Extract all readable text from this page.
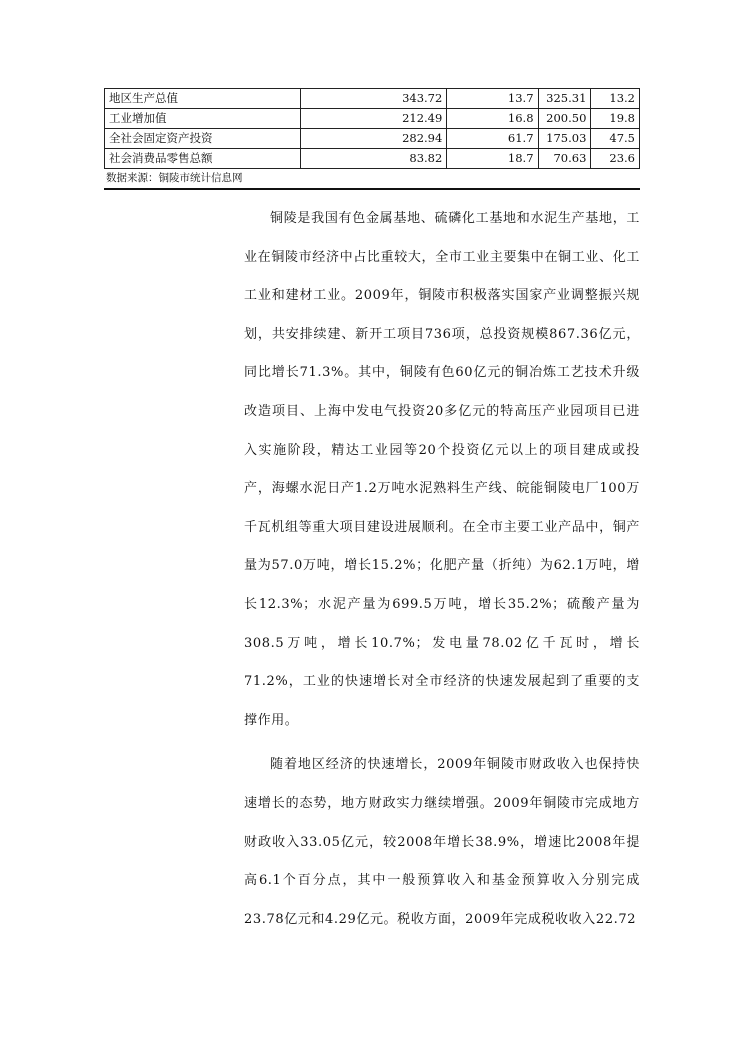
地区生产总值	343.72	13.7	325.31	13.2
工业增加值	212.49	16.8	200.50	19.8
全社会固定资产投资	282.94	61.7	175.03	47.5
社会消费品零售总额	83.82	18.7	70.63	23.6
数据来源：铜陵市统计信息网

铜陵是我国有色金属基地、硫磷化工基地和水泥生产基地，工业在铜陵市经济中占比重较大，全市工业主要集中在铜工业、化工工业和建材工业。2009年，铜陵市积极落实国家产业调整振兴规划，共安排续建、新开工项目736项，总投资规模867.36亿元，同比增长71.3%。其中，铜陵有色60亿元的铜冶炼工艺技术升级改造项目、上海中发电气投资20多亿元的特高压产业园项目已进入实施阶段，精达工业园等20个投资亿元以上的项目建成或投产，海螺水泥日产1.2万吨水泥熟料生产线、皖能铜陵电厂100万千瓦机组等重大项目建设进展顺利。在全市主要工业产品中，铜产量为57.0万吨，增长15.2%；化肥产量（折纯）为62.1万吨，增长12.3%；水泥产量为699.5万吨，增长35.2%；硫酸产量为308.5万吨，增长10.7%；发电量78.02亿千瓦时，增长71.2%，工业的快速增长对全市经济的快速发展起到了重要的支撑作用。

随着地区经济的快速增长，2009年铜陵市财政收入也保持快速增长的态势，地方财政实力继续增强。2009年铜陵市完成地方财政收入33.05亿元，较2008年增长38.9%，增速比2008年提高6.1个百分点，其中一般预算收入和基金预算收入分别完成23.78亿元和4.29亿元。税收方面，2009年完成税收收入22.72
